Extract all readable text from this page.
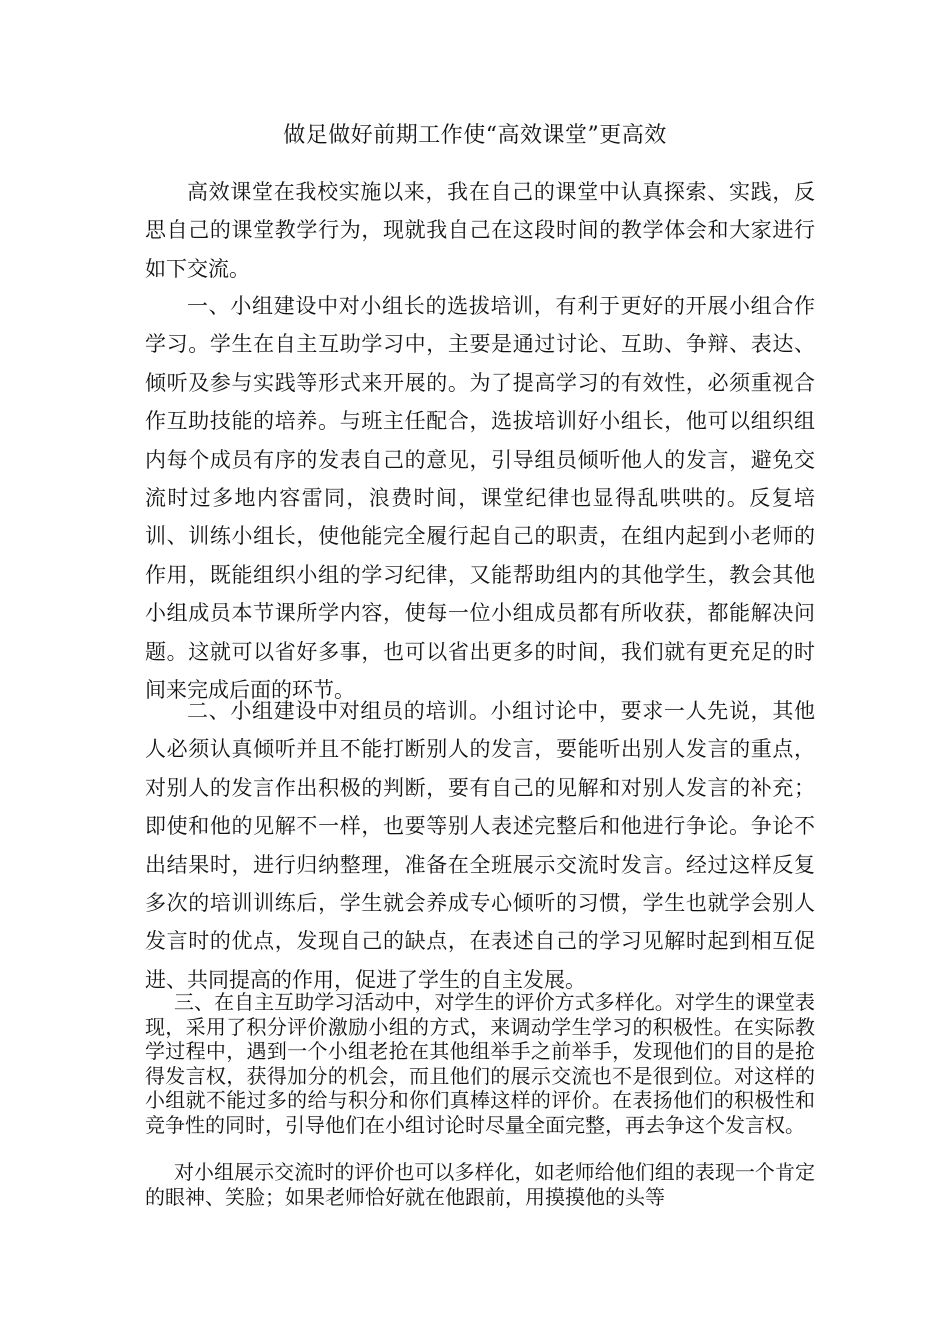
做足做好前期工作使“高效课堂”更高效

高效课堂在我校实施以来，我在自己的课堂中认真探索、实践，反思自己的课堂教学行为，现就我自己在这段时间的教学体会和大家进行如下交流。

一、小组建设中对小组长的选拔培训，有利于更好的开展小组合作学习。学生在自主互助学习中，主要是通过讨论、互助、争辩、表达、倾听及参与实践等形式来开展的。为了提高学习的有效性，必须重视合作互助技能的培养。与班主任配合，选拔培训好小组长，他可以组织组内每个成员有序的发表自己的意见，引导组员倾听他人的发言，避免交流时过多地内容雷同，浪费时间，课堂纪律也显得乱哄哄的。反复培训、训练小组长，使他能完全履行起自己的职责，在组内起到小老师的作用，既能组织小组的学习纪律，又能帮助组内的其他学生，教会其他小组成员本节课所学内容，使每一位小组成员都有所收获，都能解决问题。这就可以省好多事，也可以省出更多的时间，我们就有更充足的时间来完成后面的环节。

二、小组建设中对组员的培训。小组讨论中，要求一人先说，其他人必须认真倾听并且不能打断别人的发言，要能听出别人发言的重点，对别人的发言作出积极的判断，要有自己的见解和对别人发言的补充；即使和他的见解不一样，也要等别人表述完整后和他进行争论。争论不出结果时，进行归纳整理，准备在全班展示交流时发言。经过这样反复多次的培训训练后，学生就会养成专心倾听的习惯，学生也就学会别人发言时的优点，发现自己的缺点，在表述自己的学习见解时起到相互促进、共同提高的作用，促进了学生的自主发展。

三、在自主互助学习活动中，对学生的评价方式多样化。对学生的课堂表现，采用了积分评价激励小组的方式，来调动学生学习的积极性。在实际教学过程中，遇到一个小组老抢在其他组举手之前举手，发现他们的目的是抢得发言权，获得加分的机会，而且他们的展示交流也不是很到位。对这样的小组就不能过多的给与积分和你们真棒这样的评价。在表扬他们的积极性和竞争性的同时，引导他们在小组讨论时尽量全面完整，再去争这个发言权。

对小组展示交流时的评价也可以多样化，如老师给他们组的表现一个肯定的眼神、笑脸；如果老师恰好就在他跟前，用摸摸他的头等
